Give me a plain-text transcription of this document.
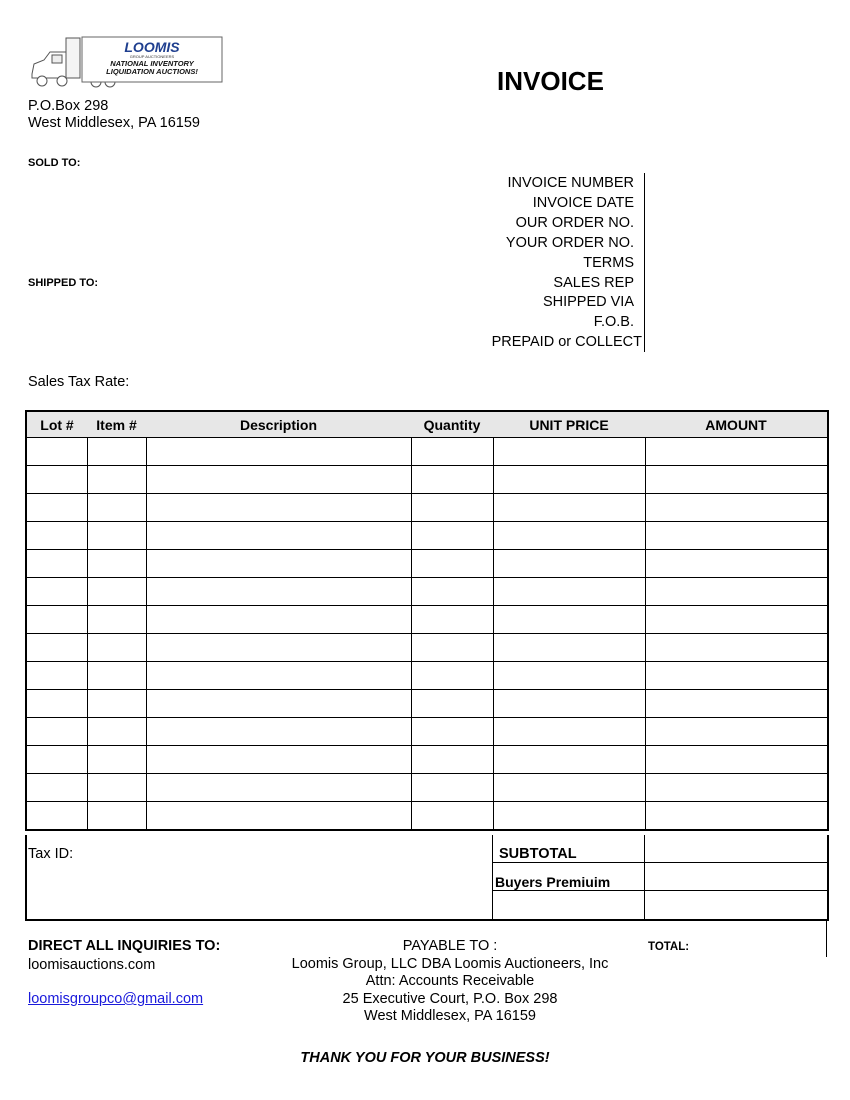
LOOMIS
GROUP AUCTIONEERS
NATIONAL INVENTORY
LIQUIDATION AUCTIONS!	INVOICE
P.O.Box 298
West Middlesex, PA 16159
SOLD TO:
SHIPPED TO:
INVOICE NUMBER
INVOICE DATE
OUR ORDER NO.
YOUR ORDER NO.
TERMS
SALES REP
SHIPPED VIA
F.O.B.
PREPAID or COLLECT
Sales Tax Rate:
Lot #	Item #	Description	Quantity	UNIT PRICE	AMOUNT

Tax ID:	SUBTOTAL
Buyers Premiuim
DIRECT ALL INQUIRIES TO:
loomisauctions.com
loomisgroupco@gmail.com
PAYABLE TO :
Loomis Group, LLC DBA Loomis Auctioneers, Inc
Attn: Accounts Receivable
25 Executive Court, P.O. Box 298
West Middlesex, PA 16159
TOTAL:
THANK YOU FOR YOUR BUSINESS!
